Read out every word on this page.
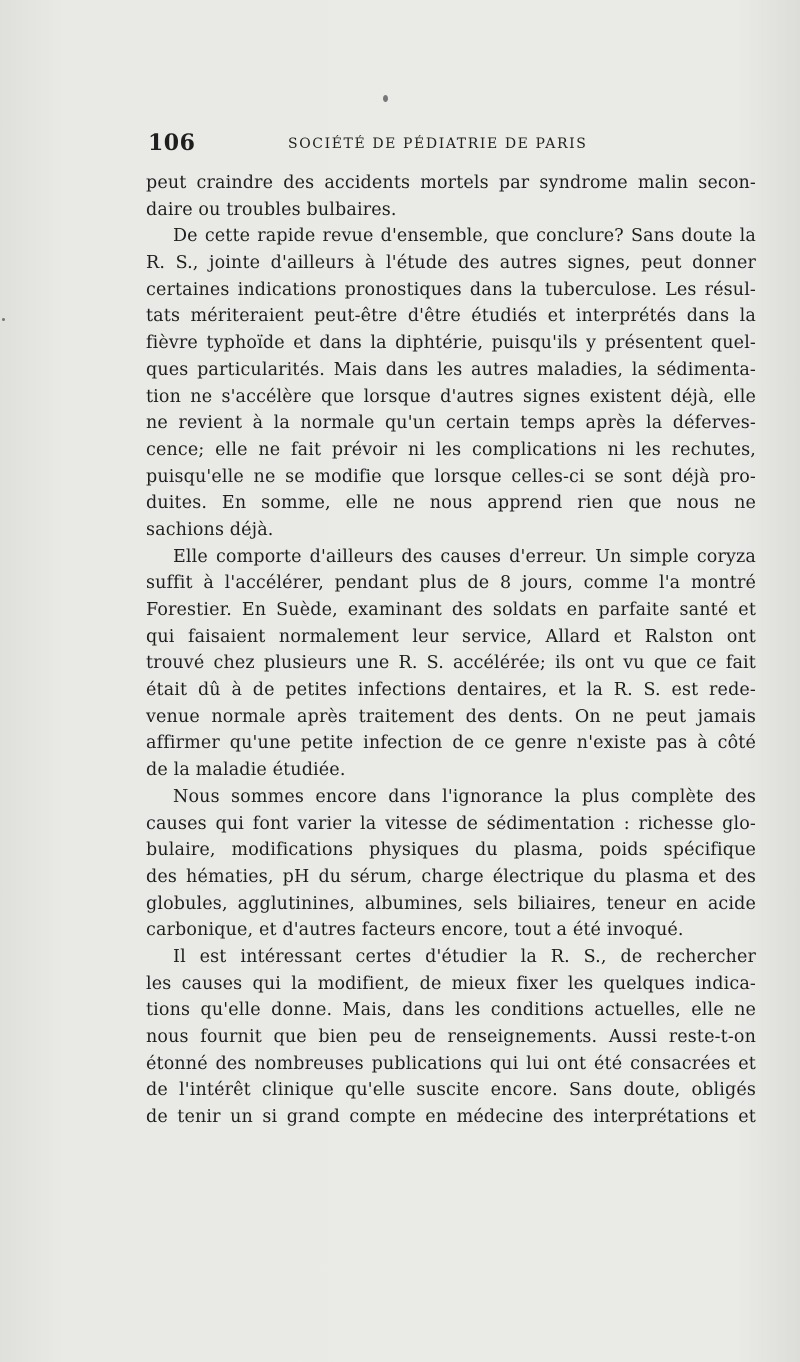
106	SOCIÉTÉ DE PÉDIATRIE DE PARIS
peut craindre des accidents mortels par syndrome malin secon-
daire ou troubles bulbaires.
De cette rapide revue d'ensemble, que conclure? Sans doute la
R. S., jointe d'ailleurs à l'étude des autres signes, peut donner
certaines indications pronostiques dans la tuberculose. Les résul-
tats mériteraient peut-être d'être étudiés et interprétés dans la
fièvre typhoïde et dans la diphtérie, puisqu'ils y présentent quel-
ques particularités. Mais dans les autres maladies, la sédimenta-
tion ne s'accélère que lorsque d'autres signes existent déjà, elle
ne revient à la normale qu'un certain temps après la déferves-
cence; elle ne fait prévoir ni les complications ni les rechutes,
puisqu'elle ne se modifie que lorsque celles-ci se sont déjà pro-
duites. En somme, elle ne nous apprend rien que nous ne
sachions déjà.
Elle comporte d'ailleurs des causes d'erreur. Un simple coryza
suffit à l'accélérer, pendant plus de 8 jours, comme l'a montré
Forestier. En Suède, examinant des soldats en parfaite santé et
qui faisaient normalement leur service, Allard et Ralston ont
trouvé chez plusieurs une R. S. accélérée; ils ont vu que ce fait
était dû à de petites infections dentaires, et la R. S. est rede-
venue normale après traitement des dents. On ne peut jamais
affirmer qu'une petite infection de ce genre n'existe pas à côté
de la maladie étudiée.
Nous sommes encore dans l'ignorance la plus complète des
causes qui font varier la vitesse de sédimentation : richesse glo-
bulaire, modifications physiques du plasma, poids spécifique
des hématies, pH du sérum, charge électrique du plasma et des
globules, agglutinines, albumines, sels biliaires, teneur en acide
carbonique, et d'autres facteurs encore, tout a été invoqué.
Il est intéressant certes d'étudier la R. S., de rechercher
les causes qui la modifient, de mieux fixer les quelques indica-
tions qu'elle donne. Mais, dans les conditions actuelles, elle ne
nous fournit que bien peu de renseignements. Aussi reste-t-on
étonné des nombreuses publications qui lui ont été consacrées et
de l'intérêt clinique qu'elle suscite encore. Sans doute, obligés
de tenir un si grand compte en médecine des interprétations et
